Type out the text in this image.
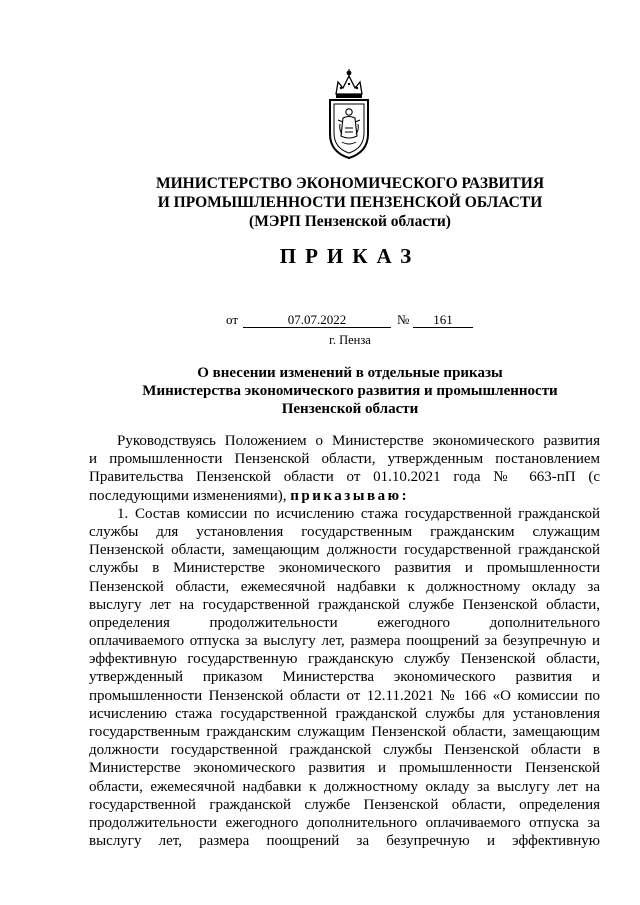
МИНИСТЕРСТВО ЭКОНОМИЧЕСКОГО РАЗВИТИЯ
И ПРОМЫШЛЕННОСТИ ПЕНЗЕНСКОЙ ОБЛАСТИ
(МЭРП Пензенской области)
ПРИКАЗ
от	07.07.2022	№	161
г. Пенза
О внесении изменений в отдельные приказы
Министерства экономического развития и промышленности
Пензенской области
Руководствуясь Положением о Министерстве экономического развития
и промышленности Пензенской области, утвержденным постановлением
Правительства Пензенской области от 01.10.2021 года № 663-пП (с
последующими изменениями), приказываю:
1. Состав комиссии по исчислению стажа государственной гражданской
службы для установления государственным гражданским служащим
Пензенской области, замещающим должности государственной гражданской
службы в Министерстве экономического развития и промышленности
Пензенской области, ежемесячной надбавки к должностному окладу за
выслугу лет на государственной гражданской службе Пензенской области,
определения продолжительности ежегодного дополнительного
оплачиваемого отпуска за выслугу лет, размера поощрений за безупречную и
эффективную государственную гражданскую службу Пензенской области,
утвержденный приказом Министерства экономического развития и
промышленности Пензенской области от 12.11.2021 № 166 «О комиссии по
исчислению стажа государственной гражданской службы для установления
государственным гражданским служащим Пензенской области, замещающим
должности государственной гражданской службы Пензенской области в
Министерстве экономического развития и промышленности Пензенской
области, ежемесячной надбавки к должностному окладу за выслугу лет на
государственной гражданской службе Пензенской области, определения
продолжительности ежегодного дополнительного оплачиваемого отпуска за
выслугу лет, размера поощрений за безупречную и эффективную
